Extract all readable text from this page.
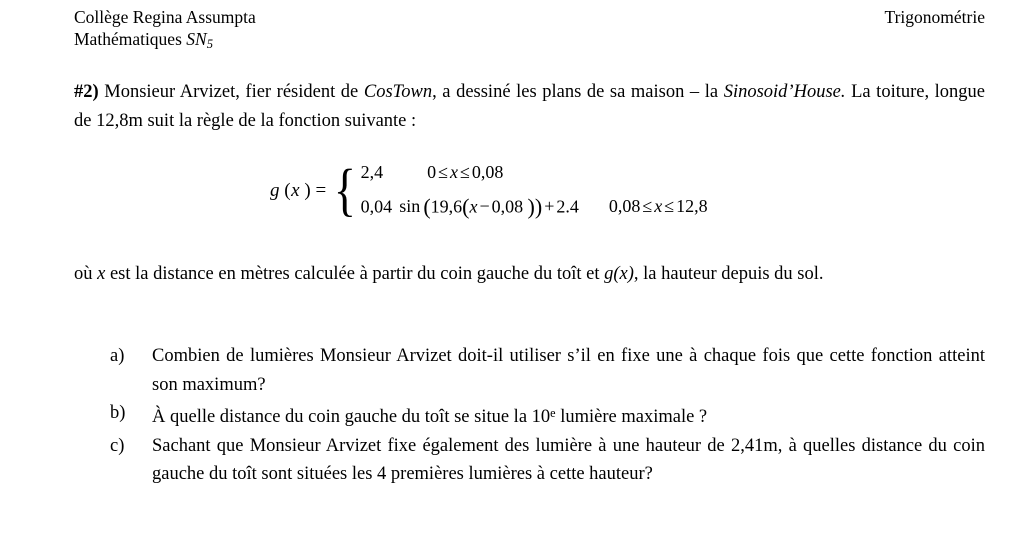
Collège Regina Assumpta
Mathématiques $SN_5$
Trigonométrie

#2) Monsieur Arvizet, fier résident de CosTown, a dessiné les plans de sa maison – la Sinosoid’House. La toiture, longue de 12,8m suit la règle de la fonction suivante :

g (x ) = { 2,4 0 ≤ x ≤ 0,08
0,04   sin (19,6(x − 0,08 )) + 2.4 0,08 ≤ x ≤ 12,8

où x est la distance en mètres calculée à partir du coin gauche du toît et g(x), la hauteur depuis du sol.

a)	Combien de lumières Monsieur Arvizet doit-il utiliser s’il en fixe une à chaque fois que cette fonction atteint son maximum?
b)	À quelle distance du coin gauche du toît se situe la 10e lumière maximale ?
c)	Sachant que Monsieur Arvizet fixe également des lumière à une hauteur de 2,41m, à quelles distance du coin gauche du toît sont situées les 4 premières lumières à cette hauteur?
